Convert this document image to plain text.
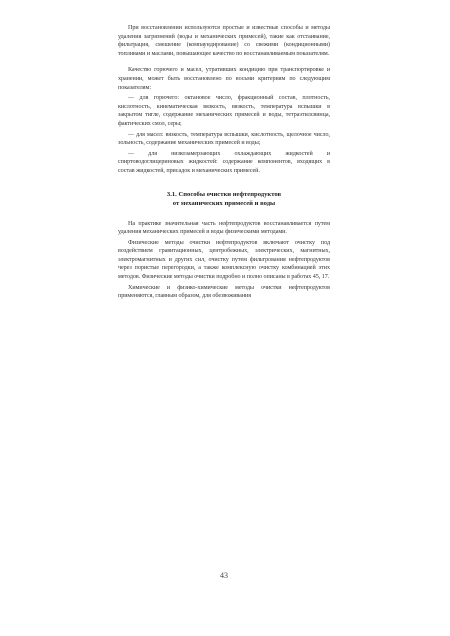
При восстановлении используются простые и известные способы и методы удаления загрязнений (воды и механических примесей), такие как отстаивание, фильтрация, смешение (компаундирование) со свежими (кондиционными) топливами и маслами, повышающее качество по восстанавливаемым показателям.

Качество горючего и масел, утративших кондицию при транспортировке и хранении, может быть восстановлено по восьми критериям по следующим показателям:

— для горючего: октановое число, фракционный состав, плотность, кислотность, кинематическая вязкость, вязкость, температура вспышки в закрытом тигле, содержание механических примесей и воды, тетраэтилсвинца, фактических смол, серы;

— для масел: вязкость, температура вспышки, кислотность, щелочное число, зольность, содержание механических примесей и воды;

— для низкозамерзающих охлаждающих жидкостей и спиртоводоглицериновых жидкостей: содержание компонентов, входящих в состав жидкостей, присадок и механических примесей.

3.1. Способы очистки нефтепродуктов
от механических примесей и воды

На практике значительная часть нефтепродуктов восстанавливается путем удаления механических примесей и воды физическими методами.

Физические методы очистки нефтепродуктов включают очистку под воздействием гравитационных, центробежных, электрических, магнитных, электромагнитных и других сил, очистку путем фильтрования нефтепродуктов через пористые перегородки, а также комплексную очистку комбинацией этих методов. Физические методы очистки подробно и полно описаны в работах 45, 17.

Химические и физико-химические методы очистки нефтепродуктов применяются, главным образом, для обезвоживания

43
